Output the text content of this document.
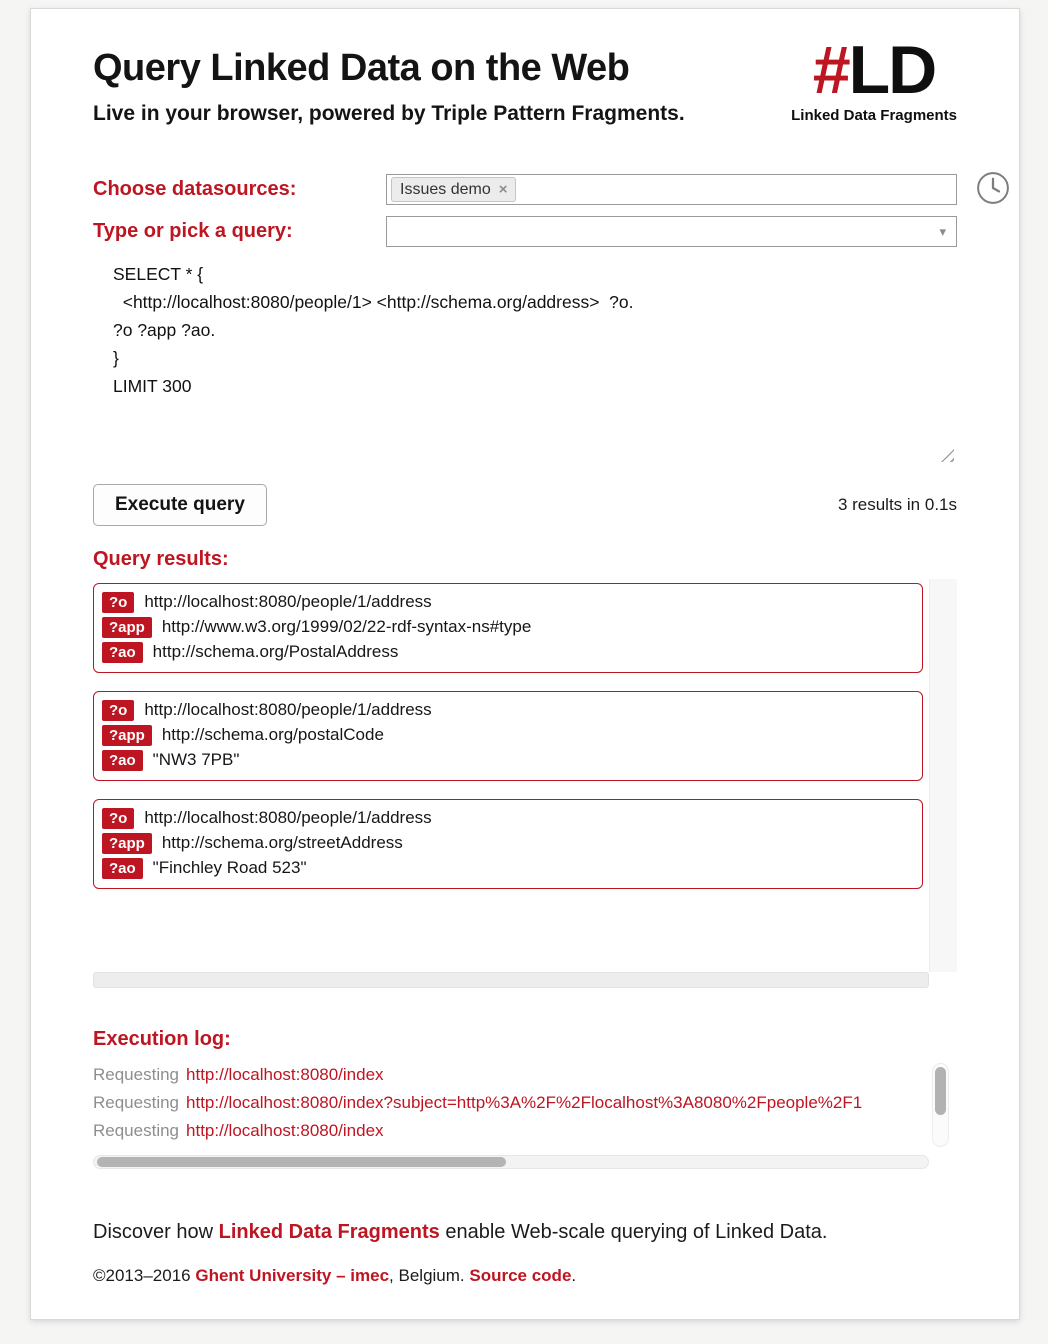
Query Linked Data on the Web
Live in your browser, powered by Triple Pattern Fragments.
#LD
Linked Data Fragments
Choose datasources:	Issues demo ×
Type or pick a query:	▾
SELECT * { <http://localhost:8080/people/1> <http://schema.org/address> ?o. ?o ?app ?ao. } LIMIT 300
Execute query	3 results in 0.1s
Query results:
?o	http://localhost:8080/people/1/address
?app	http://www.w3.org/1999/02/22-rdf-syntax-ns#type
?ao	http://schema.org/PostalAddress
?o	http://localhost:8080/people/1/address
?app	http://schema.org/postalCode
?ao	"NW3 7PB"
?o	http://localhost:8080/people/1/address
?app	http://schema.org/streetAddress
?ao	"Finchley Road 523"
Execution log:
Requesting http://localhost:8080/index
Requesting http://localhost:8080/index?subject=http%3A%2F%2Flocalhost%3A8080%2Fpeople%2F1
Requesting http://localhost:8080/index

Discover how Linked Data Fragments enable Web-scale querying of Linked Data.

©2013–2016 Ghent University – imec, Belgium. Source code.
